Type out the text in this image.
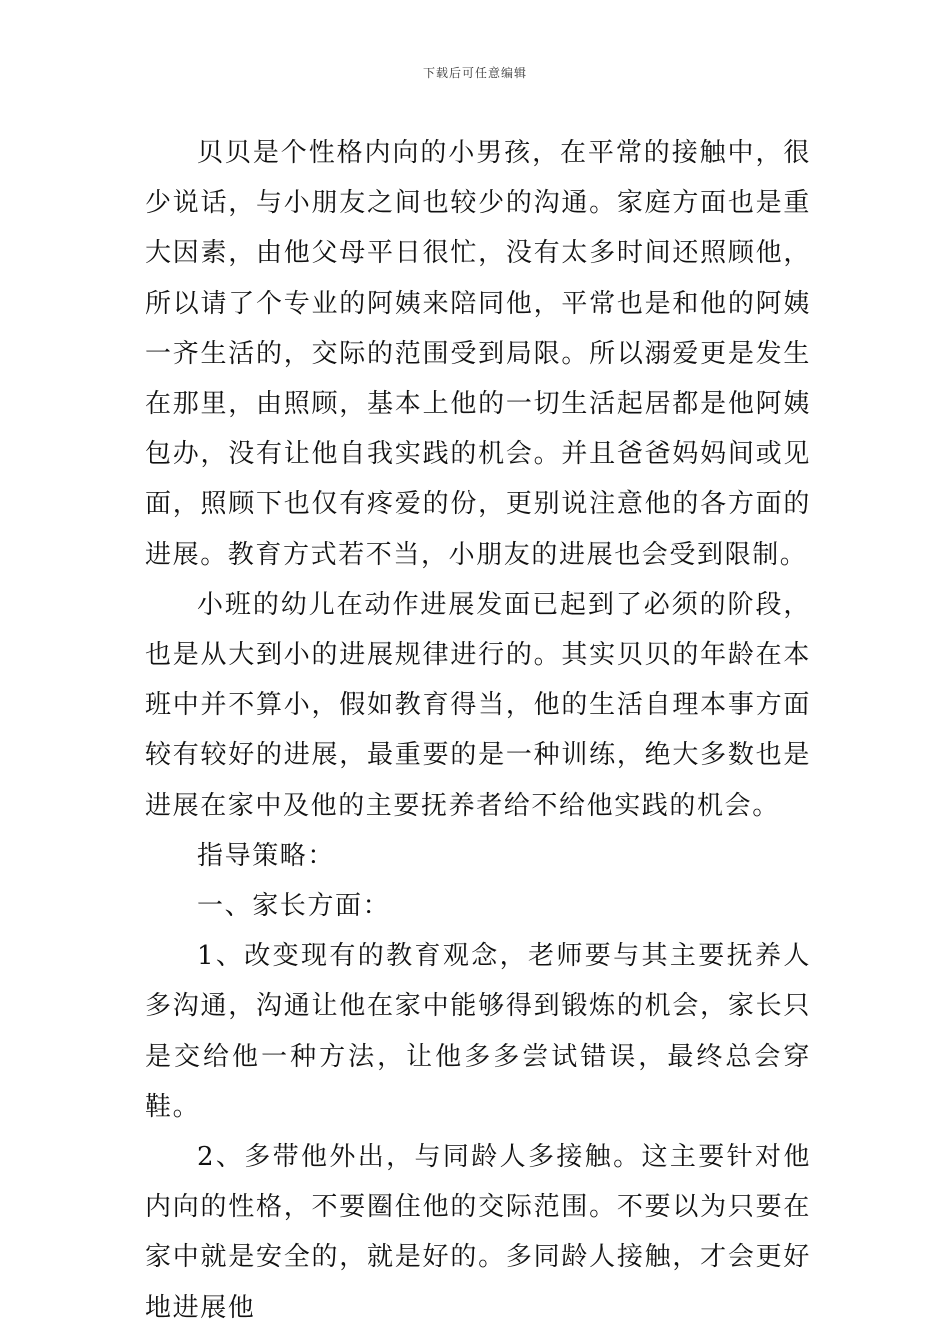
下载后可任意编辑

贝贝是个性格内向的小男孩，在平常的接触中，很少说话，与小朋友之间也较少的沟通。家庭方面也是重大因素，由他父母平日很忙，没有太多时间还照顾他，所以请了个专业的阿姨来陪同他，平常也是和他的阿姨一齐生活的，交际的范围受到局限。所以溺爱更是发生在那里，由照顾，基本上他的一切生活起居都是他阿姨包办，没有让他自我实践的机会。并且爸爸妈妈间或见面，照顾下也仅有疼爱的份，更别说注意他的各方面的进展。教育方式若不当，小朋友的进展也会受到限制。

小班的幼儿在动作进展发面已起到了必须的阶段，也是从大到小的进展规律进行的。其实贝贝的年龄在本班中并不算小，假如教育得当，他的生活自理本事方面较有较好的进展，最重要的是一种训练，绝大多数也是进展在家中及他的主要抚养者给不给他实践的机会。

指导策略：

一、家长方面：

1、改变现有的教育观念，老师要与其主要抚养人多沟通，沟通让他在家中能够得到锻炼的机会，家长只是交给他一种方法，让他多多尝试错误，最终总会穿鞋。

2、多带他外出，与同龄人多接触。这主要针对他内向的性格，不要圈住他的交际范围。不要以为只要在家中就是安全的，就是好的。多同龄人接触，才会更好地进展他
